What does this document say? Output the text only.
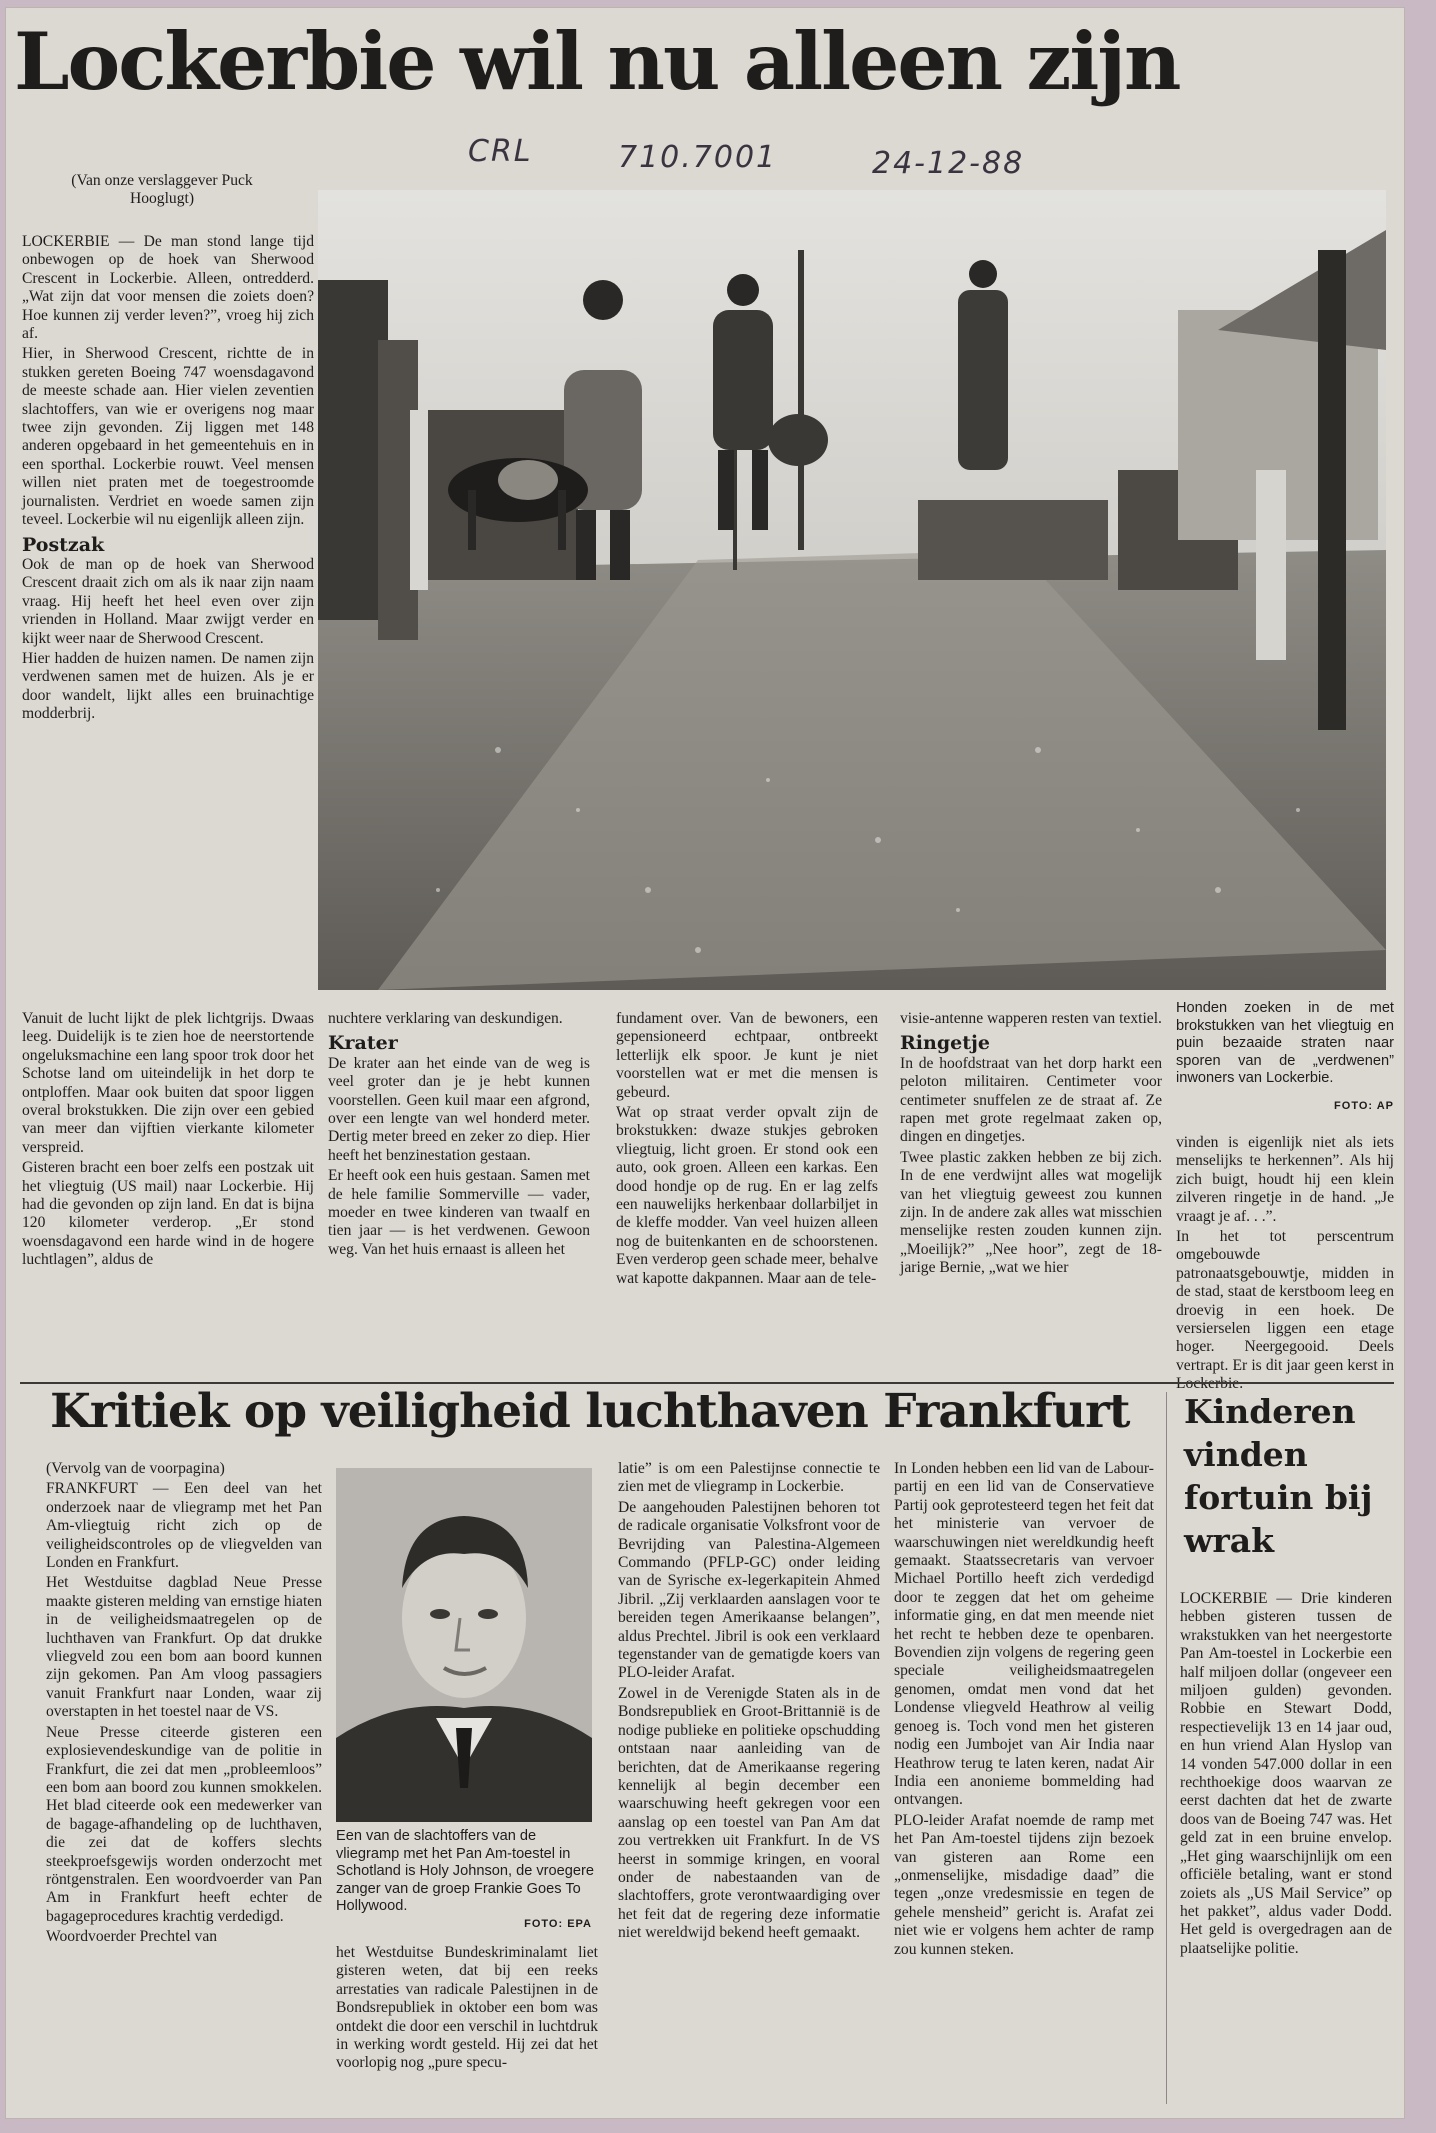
Lockerbie wil nu alleen zijn
CRL	710.7001	24-12-88
(Van onze verslaggever Puck Hooglugt)

LOCKERBIE — De man stond lange tijd onbewogen op de hoek van Sherwood Crescent in Lockerbie. Alleen, ontredderd. „Wat zijn dat voor mensen die zoiets doen? Hoe kunnen zij verder leven?”, vroeg hij zich af.

Hier, in Sherwood Crescent, richtte de in stukken gereten Boeing 747 woensdagavond de meeste schade aan. Hier vielen zeventien slachtoffers, van wie er overigens nog maar twee zijn gevonden. Zij liggen met 148 anderen opgebaard in het gemeentehuis en in een sporthal. Lockerbie rouwt. Veel mensen willen niet praten met de toegestroomde journalisten. Verdriet en woede samen zijn teveel. Lockerbie wil nu eigenlijk alleen zijn.

Postzak

Ook de man op de hoek van Sherwood Crescent draait zich om als ik naar zijn naam vraag. Hij heeft het heel even over zijn vrienden in Holland. Maar zwijgt verder en kijkt weer naar de Sherwood Crescent.

Hier hadden de huizen namen. De namen zijn verdwenen samen met de huizen. Als je er door wandelt, lijkt alles een bruinachtige modderbrij.

Honden zoeken in de met brokstukken van het vliegtuig en puin bezaaide straten naar sporen van de „verdwenen” inwoners van Lockerbie.
FOTO: AP

Vanuit de lucht lijkt de plek lichtgrijs. Dwaas leeg. Duidelijk is te zien hoe de neerstortende ongeluksmachine een lang spoor trok door het Schotse land om uiteindelijk in het dorp te ontploffen. Maar ook buiten dat spoor liggen overal brokstukken. Die zijn over een gebied van meer dan vijftien vierkante kilometer verspreid.

Gisteren bracht een boer zelfs een postzak uit het vliegtuig (US mail) naar Lockerbie. Hij had die gevonden op zijn land. En dat is bijna 120 kilometer verderop. „Er stond woensdagavond een harde wind in de hogere luchtlagen”, aldus de

nuchtere verklaring van deskundigen.

Krater

De krater aan het einde van de weg is veel groter dan je je hebt kunnen voorstellen. Geen kuil maar een afgrond, over een lengte van wel honderd meter. Dertig meter breed en zeker zo diep. Hier heeft het benzinestation gestaan.

Er heeft ook een huis gestaan. Samen met de hele familie Sommerville — vader, moeder en twee kinderen van twaalf en tien jaar — is het verdwenen. Gewoon weg. Van het huis ernaast is alleen het

fundament over. Van de bewoners, een gepensioneerd echtpaar, ontbreekt letterlijk elk spoor. Je kunt je niet voorstellen wat er met die mensen is gebeurd.

Wat op straat verder opvalt zijn de brokstukken: dwaze stukjes gebroken vliegtuig, licht groen. Er stond ook een auto, ook groen. Alleen een karkas. Een dood hondje op de rug. En er lag zelfs een nauwelijks herkenbaar dollarbiljet in de kleffe modder. Van veel huizen alleen nog de buitenkanten en de schoorstenen. Even verderop geen schade meer, behalve wat kapotte dakpannen. Maar aan de tele-

visie-antenne wapperen resten van textiel.

Ringetje

In de hoofdstraat van het dorp harkt een peloton militairen. Centimeter voor centimeter snuffelen ze de straat af. Ze rapen met grote regelmaat zaken op, dingen en dingetjes.

Twee plastic zakken hebben ze bij zich. In de ene verdwijnt alles wat mogelijk van het vliegtuig geweest zou kunnen zijn. In de andere zak alles wat misschien menselijke resten zouden kunnen zijn. „Moeilijk?” „Nee hoor”, zegt de 18-jarige Bernie, „wat we hier

vinden is eigenlijk niet als iets menselijks te herkennen”. Als hij zich buigt, houdt hij een klein zilveren ringetje in de hand. „Je vraagt je af. . .”.

In het tot perscentrum omgebouwde patronaatsgebouwtje, midden in de stad, staat de kerstboom leeg en droevig in een hoek. De versierselen liggen een etage hoger. Neergegooid. Deels vertrapt. Er is dit jaar geen kerst in

Kritiek op veiligheid luchthaven Frankfurt

(Vervolg van de voorpagina)

FRANKFURT — Een deel van het onderzoek naar de vliegramp met het Pan Am-vliegtuig richt zich op de veiligheidscontroles op de vliegvelden van Londen en Frankfurt.

Het Westduitse dagblad Neue Presse maakte gisteren melding van ernstige hiaten in de veiligheidsmaatregelen op de luchthaven van Frankfurt. Op dat drukke vliegveld zou een bom aan boord kunnen zijn gekomen. Pan Am vloog passagiers vanuit Frankfurt naar Londen, waar zij overstapten in het toestel naar de VS.

Neue Presse citeerde gisteren een explosievendeskundige van de politie in Frankfurt, die zei dat men „probleemloos” een bom aan boord zou kunnen smokkelen. Het blad citeerde ook een medewerker van de bagage-afhandeling op de luchthaven, die zei dat de koffers slechts steekproefsgewijs worden onderzocht met röntgenstralen. Een woordvoerder van Pan Am in Frankfurt heeft echter de bagageprocedures krachtig verdedigd.

Woordvoerder Prechtel van

Een van de slachtoffers van de vliegramp met het Pan Am-toestel in Schotland is Holy Johnson, de vroegere zanger van de groep Frankie Goes To Hollywood.
FOTO: EPA

het Westduitse Bundeskriminalamt liet gisteren weten, dat bij een reeks arrestaties van radicale Palestijnen in de Bondsrepubliek in oktober een bom was ontdekt die door een verschil in luchtdruk in werking wordt gesteld. Hij zei dat het voorlopig nog „pure specu-

latie” is om een Palestijnse connectie te zien met de vliegramp in Lockerbie.

De aangehouden Palestijnen behoren tot de radicale organisatie Volksfront voor de Bevrijding van Palestina-Algemeen Commando (PFLP-GC) onder leiding van de Syrische ex-legerkapitein Ahmed Jibril. „Zij verklaarden aanslagen voor te bereiden tegen Amerikaanse belangen”, aldus Prechtel. Jibril is ook een verklaard tegenstander van de gematigde koers van PLO-leider Arafat.

Zowel in de Verenigde Staten als in de Bondsrepubliek en Groot-Brittannië is de nodige publieke en politieke opschudding ontstaan naar aanleiding van de berichten, dat de Amerikaanse regering kennelijk al begin december een waarschuwing heeft gekregen voor een aanslag op een toestel van Pan Am dat zou vertrekken uit Frankfurt. In de VS heerst in sommige kringen, en vooral onder de nabestaanden van de slachtoffers, grote verontwaardiging over het feit dat de regering deze informatie niet wereldwijd bekend heeft gemaakt.

In Londen hebben een lid van de Labour-partij en een lid van de Conservatieve Partij ook geprotesteerd tegen het feit dat het ministerie van vervoer de waarschuwingen niet wereldkundig heeft gemaakt. Staatssecretaris van vervoer Michael Portillo heeft zich verdedigd door te zeggen dat het om geheime informatie ging, en dat men meende niet het recht te hebben deze te openbaren. Bovendien zijn volgens de regering geen speciale veiligheidsmaatregelen genomen, omdat men vond dat het Londense vliegveld Heathrow al veilig genoeg is. Toch vond men het gisteren nodig een Jumbojet van Air India naar Heathrow terug te laten keren, nadat Air India een anonieme bommelding had ontvangen.

PLO-leider Arafat noemde de ramp met het Pan Am-toestel tijdens zijn bezoek van gisteren aan Rome een „onmenselijke, misdadige daad” die tegen „onze vredesmissie en tegen de gehele mensheid” gericht is. Arafat zei niet wie er volgens hem achter de ramp zou kunnen steken.

Kinderen vinden fortuin bij wrak

LOCKERBIE — Drie kinderen hebben gisteren tussen de wrakstukken van het neergestorte Pan Am-toestel in Lockerbie een half miljoen dollar (ongeveer een miljoen gulden) gevonden. Robbie en Stewart Dodd, respectievelijk 13 en 14 jaar oud, en hun vriend Alan Hyslop van 14 vonden 547.000 dollar in een rechthoekige doos waarvan ze eerst dachten dat het de zwarte doos van de Boeing 747 was. Het geld zat in een bruine envelop. „Het ging waarschijnlijk om een officiële betaling, want er stond zoiets als „US Mail Service” op het pakket”, aldus vader Dodd. Het geld is overgedragen aan de plaatselijke politie.
